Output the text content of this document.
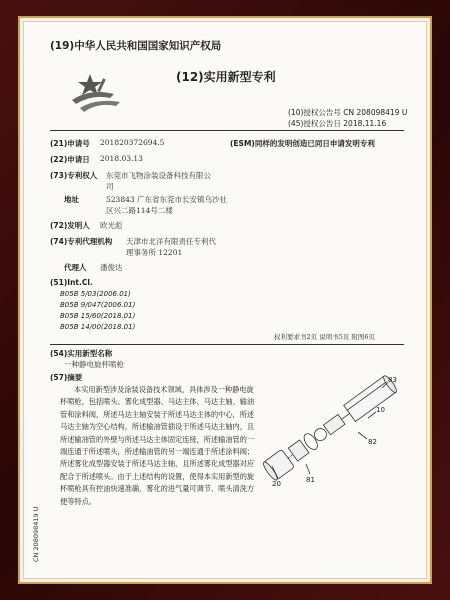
(19)中华人民共和国国家知识产权局
(12)实用新型专利
(10)授权公告号 CN 208098419 U
(45)授权公告日 2018.11.16
(21)申请号 201820372694.5	(ESM)同样的发明创造已同日申请发明专利
(22)申请日 2018.03.13
(73)专利权人 东莞市飞物涂装设备科技有限公
司
地址	523843 广东省东莞市长安镇乌沙社
区兴二路114号二楼
(72)发明人 欧光彪
(74)专利代理机构 天津市北洋有限责任专利代
理事务所 12201
代理人 潘俊达
(51)Int.Cl.
B05B 5/03(2006.01)
B05B 9/047(2006.01)
B05B 15/60(2018.01)
B05B 14/00(2018.01)
权利要求书2页 说明书5页 附图6页
(54)实用新型名称
一种静电旋杯喷枪
(57)摘要
本实用新型涉及涂装设备技术领域，具体涉及一种静电旋杯喷枪，包括喷头、雾化成型器、马达主体、马达主轴、输油管和涂料阀，所述马达主轴安装于所述马达主体的中心，所述马达主轴为空心结构，所述输油管插设于所述马达主轴内，且所述输油管的外壁与所述马达主体固定连接，所述输油管的一端连通于所述喷头，所述输油管的另一端连通于所述涂料阀；所述雾化成型器安装于所述马达主轴，且所述雾化成型器对应配合于所述喷头。由于上述结构的设置，使得本实用新型的旋杯喷枪具有控油快速准确、雾化的进气量可调节、喷头清洗方便等特点。
83
10
82
81
20
CN 208098419 U
